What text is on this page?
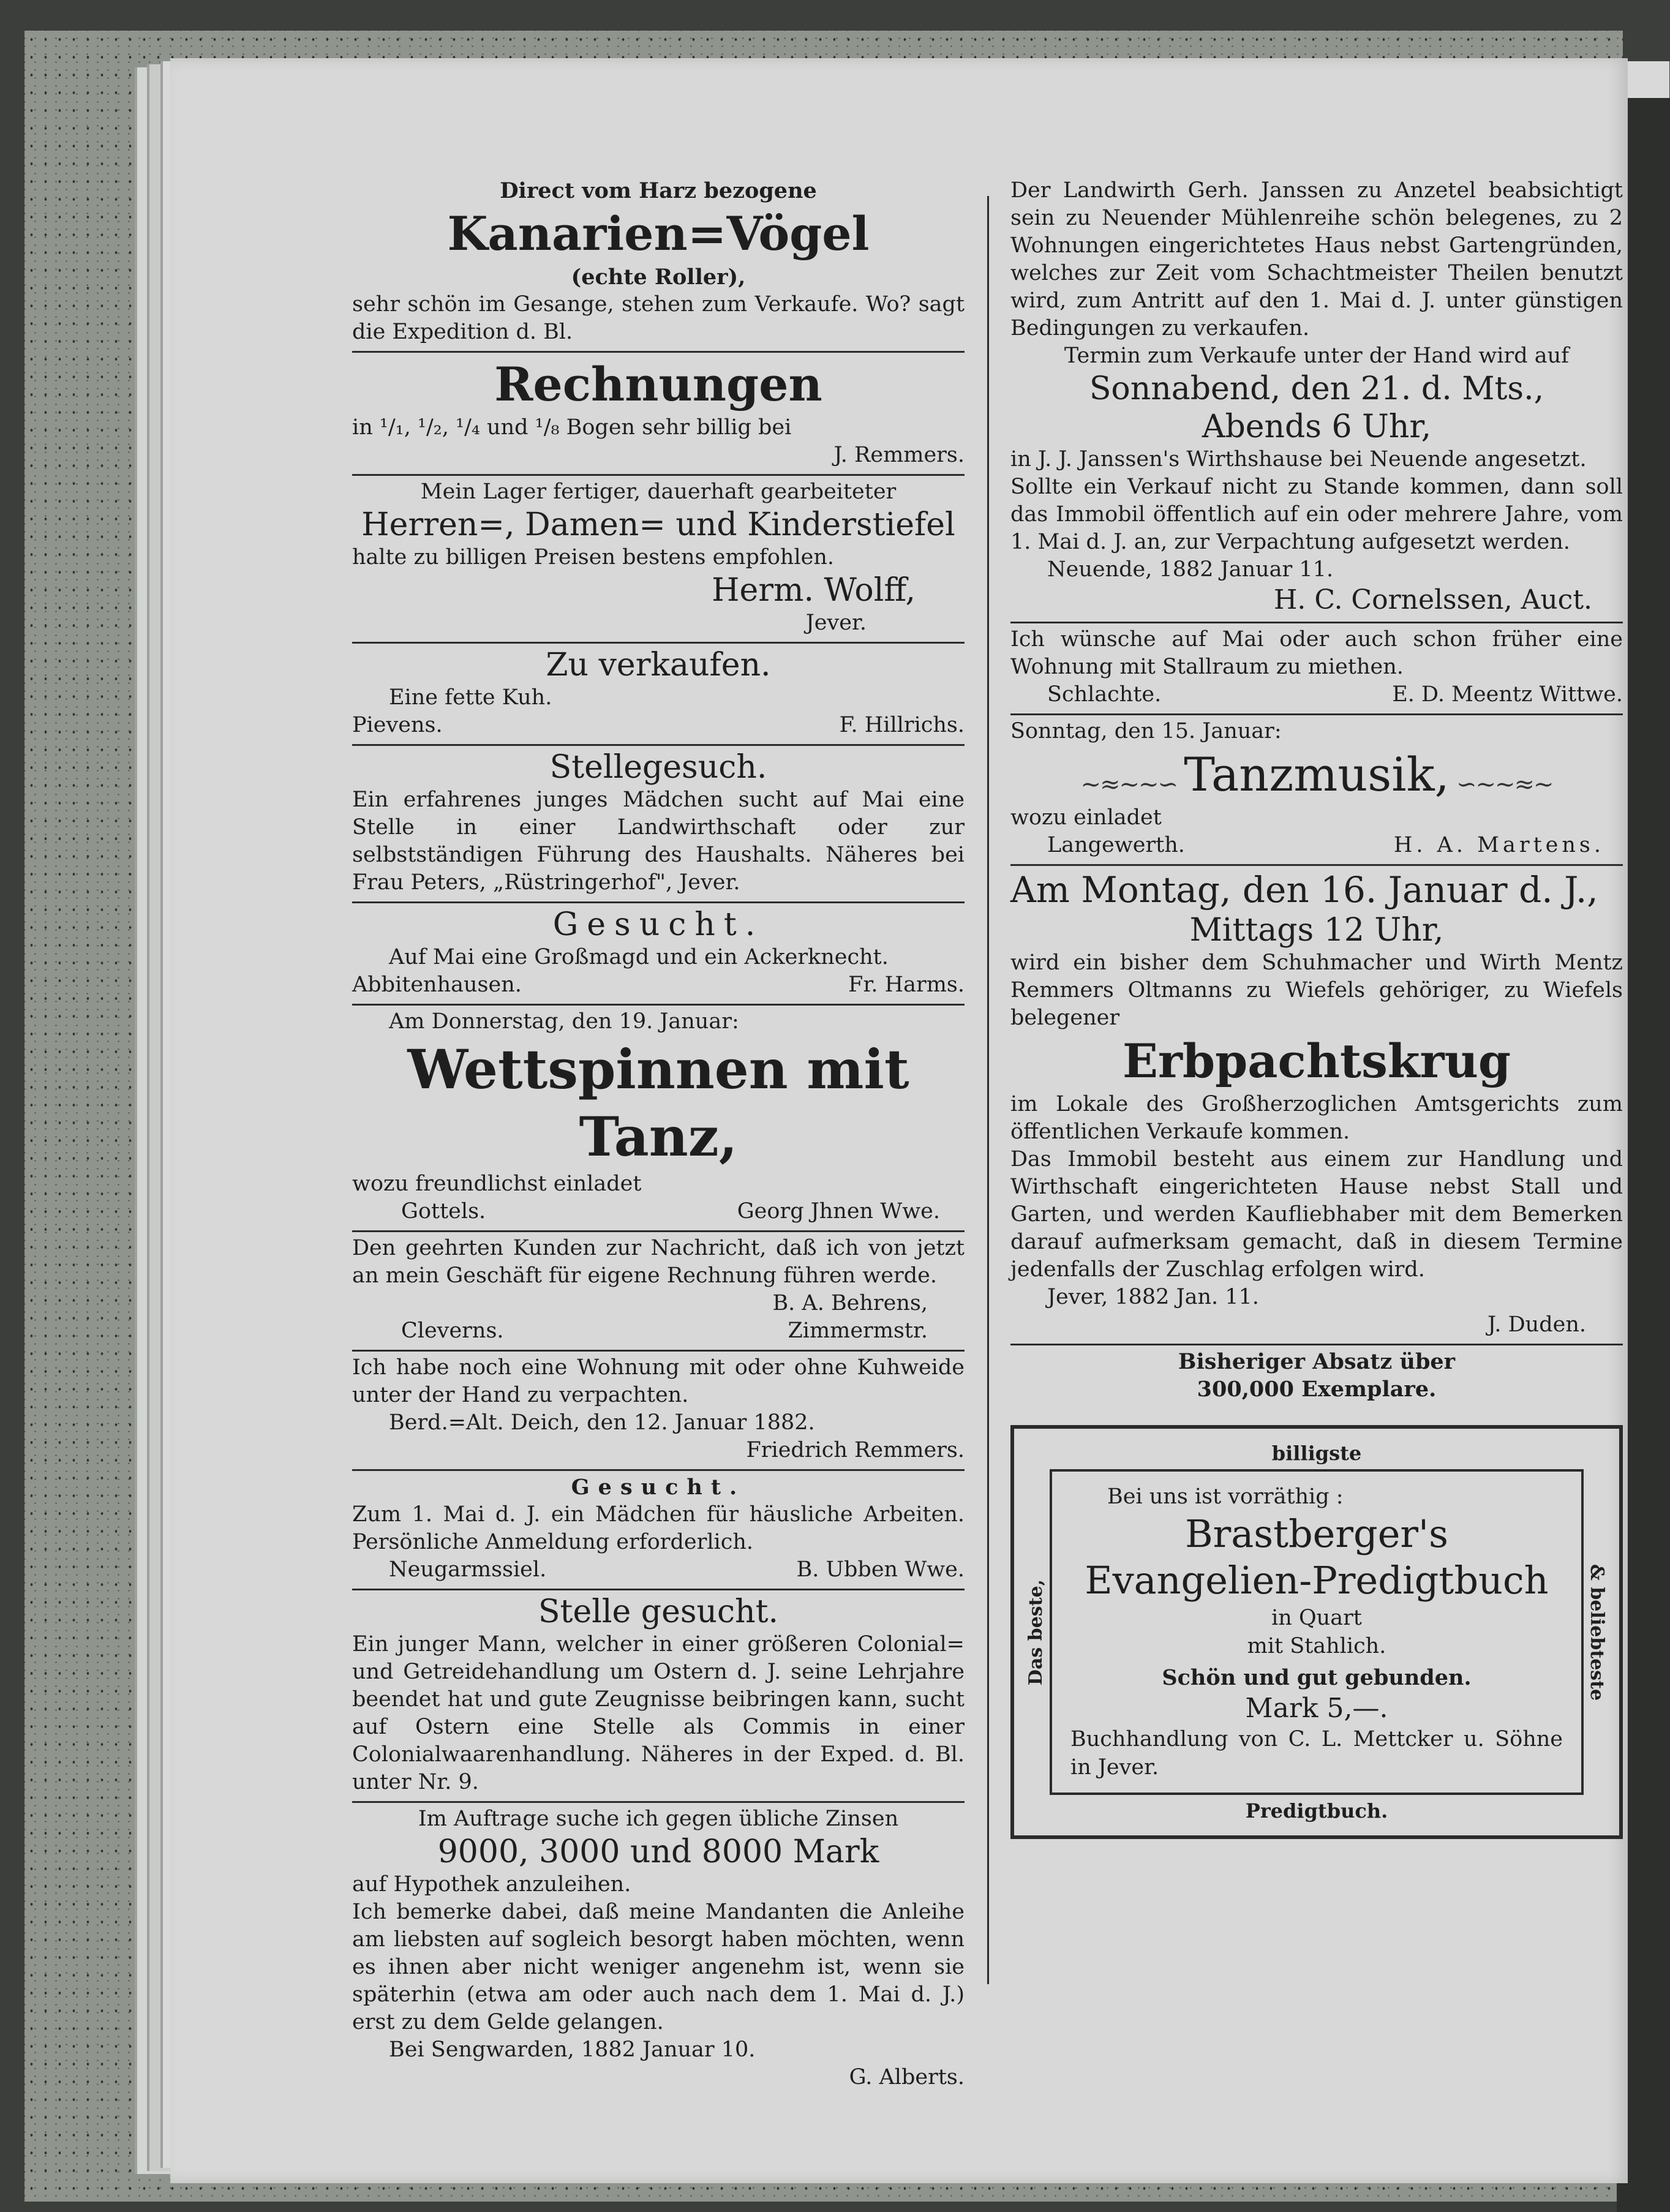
Direct vom Harz bezogene
Kanarien=Vögel
(echte Roller),
sehr schön im Gesange, stehen zum Verkaufe. Wo? sagt die Expedition d. Bl.
Rechnungen
in ¹/₁, ¹/₂, ¹/₄ und ¹/₈ Bogen sehr billig bei
J. Remmers.
Mein Lager fertiger, dauerhaft gearbeiteter
Herren=, Damen= und Kinderstiefel
halte zu billigen Preisen bestens empfohlen.
Herm. Wolff,
Jever.
Zu verkaufen.
Eine fette Kuh.
Pievens.	F. Hillrichs.
Stellegesuch.
Ein erfahrenes junges Mädchen sucht auf Mai eine Stelle in einer Landwirthschaft oder zur selbstständigen Führung des Haushalts. Näheres bei Frau Peters, „Rüstringerhof", Jever.
Gesucht.
Auf Mai eine Großmagd und ein Ackerknecht.
Abbitenhausen.	Fr. Harms.
Am Donnerstag, den 19. Januar:
Wettspinnen mit Tanz,
wozu freundlichst einladet
Gottels.	Georg Jhnen Wwe.
Den geehrten Kunden zur Nachricht, daß ich von jetzt an mein Geschäft für eigene Rechnung führen werde.
B. A. Behrens,
Cleverns.	Zimmermstr.
Ich habe noch eine Wohnung mit oder ohne Kuhweide unter der Hand zu verpachten.
Berd.=Alt. Deich, den 12. Januar 1882.
Friedrich Remmers.
Gesucht.
Zum 1. Mai d. J. ein Mädchen für häusliche Arbeiten. Persönliche Anmeldung erforderlich.
Neugarmssiel.	B. Ubben Wwe.
Stelle gesucht.
Ein junger Mann, welcher in einer größeren Colonial= und Getreidehandlung um Ostern d. J. seine Lehrjahre beendet hat und gute Zeugnisse beibringen kann, sucht auf Ostern eine Stelle als Commis in einer Colonialwaarenhandlung. Näheres in der Exped. d. Bl. unter Nr. 9.
Im Auftrage suche ich gegen übliche Zinsen
9000, 3000 und 8000 Mark
auf Hypothek anzuleihen.
Ich bemerke dabei, daß meine Mandanten die Anleihe am liebsten auf sogleich besorgt haben möchten, wenn es ihnen aber nicht weniger angenehm ist, wenn sie späterhin (etwa am oder auch nach dem 1. Mai d. J.) erst zu dem Gelde gelangen.
Bei Sengwarden, 1882 Januar 10.
G. Alberts.
Der Landwirth Gerh. Janssen zu Anzetel beabsichtigt sein zu Neuender Mühlenreihe schön belegenes, zu 2 Wohnungen eingerichtetes Haus nebst Gartengründen, welches zur Zeit vom Schachtmeister Theilen benutzt wird, zum Antritt auf den 1. Mai d. J. unter günstigen Bedingungen zu verkaufen.
Termin zum Verkaufe unter der Hand wird auf
Sonnabend, den 21. d. Mts.,
Abends 6 Uhr,
in J. J. Janssen's Wirthshause bei Neuende angesetzt.
Sollte ein Verkauf nicht zu Stande kommen, dann soll das Immobil öffentlich auf ein oder mehrere Jahre, vom 1. Mai d. J. an, zur Verpachtung aufgesetzt werden.
Neuende, 1882 Januar 11.
H. C. Cornelssen, Auct.
Ich wünsche auf Mai oder auch schon früher eine Wohnung mit Stallraum zu miethen.
Schlachte.	E. D. Meentz Wittwe.
Sonntag, den 15. Januar:
~≈~~∽ Tanzmusik, ∽~~≈~
wozu einladet
Langewerth.	H. A. Martens.
Am Montag, den 16. Januar d. J.,
Mittags 12 Uhr,
wird ein bisher dem Schuhmacher und Wirth Mentz Remmers Oltmanns zu Wiefels gehöriger, zu Wiefels belegener
Erbpachtskrug
im Lokale des Großherzoglichen Amtsgerichts zum öffentlichen Verkaufe kommen.
Das Immobil besteht aus einem zur Handlung und Wirthschaft eingerichteten Hause nebst Stall und Garten, und werden Kaufliebhaber mit dem Bemerken darauf aufmerksam gemacht, daß in diesem Termine jedenfalls der Zuschlag erfolgen wird.
Jever, 1882 Jan. 11.
J. Duden.
Bisheriger Absatz über
300,000 Exemplare.
billigste
Das beste,
Bei uns ist vorräthig :
Brastberger's
Evangelien-Predigtbuch
in Quart
mit Stahlich.
Schön und gut gebunden.
Mark 5,—.
Buchhandlung von C. L. Mettcker u. Söhne in Jever.
& beliebteste
Predigtbuch.
